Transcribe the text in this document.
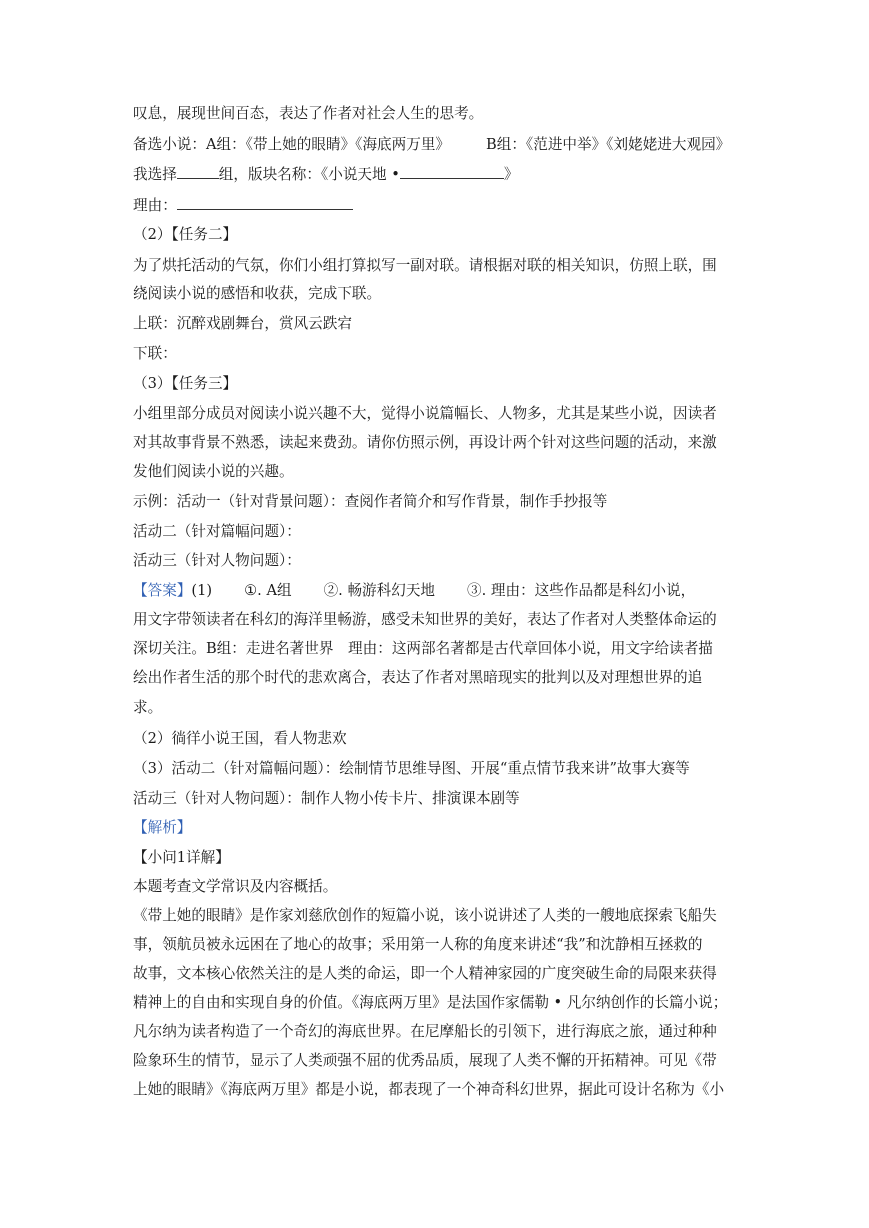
叹息，展现世间百态，表达了作者对社会人生的思考。
备选小说：A组：《带上她的眼睛》《海底两万里》 B组：《范进中举》《刘姥姥进大观园》
我选择	组，版块名称：《小说天地 •	》
理由：
（2）【任务二】
为了烘托活动的气氛，你们小组打算拟写一副对联。请根据对联的相关知识，仿照上联，围
绕阅读小说的感悟和收获，完成下联。
上联：沉醉戏剧舞台，赏风云跌宕
下联：
（3）【任务三】
小组里部分成员对阅读小说兴趣不大，觉得小说篇幅长、人物多，尤其是某些小说，因读者
对其故事背景不熟悉，读起来费劲。请你仿照示例，再设计两个针对这些问题的活动，来激
发他们阅读小说的兴趣。
示例：活动一（针对背景问题）：查阅作者简介和写作背景，制作手抄报等
活动二（针对篇幅问题）：
活动三（针对人物问题）：
【答案】(1) ①. A组 ②. 畅游科幻天地 ③. 理由：这些作品都是科幻小说，
用文字带领读者在科幻的海洋里畅游，感受未知世界的美好，表达了作者对人类整体命运的
深切关注。B组：走进名著世界　理由：这两部名著都是古代章回体小说，用文字给读者描
绘出作者生活的那个时代的悲欢离合，表达了作者对黑暗现实的批判以及对理想世界的追
求。
（2）徜徉小说王国，看人物悲欢
（3）活动二（针对篇幅问题）：绘制情节思维导图、开展“重点情节我来讲”故事大赛等
活动三（针对人物问题）：制作人物小传卡片、排演课本剧等
【解析】
【小问1详解】
本题考查文学常识及内容概括。
《带上她的眼睛》是作家刘慈欣创作的短篇小说，该小说讲述了人类的一艘地底探索飞船失
事，领航员被永远困在了地心的故事；采用第一人称的角度来讲述“我”和沈静相互拯救的
故事，文本核心依然关注的是人类的命运，即一个人精神家园的广度突破生命的局限来获得
精神上的自由和实现自身的价值。《海底两万里》是法国作家儒勒 • 凡尔纳创作的长篇小说；
凡尔纳为读者构造了一个奇幻的海底世界。在尼摩船长的引领下，进行海底之旅，通过种种
险象环生的情节，显示了人类顽强不屈的优秀品质，展现了人类不懈的开拓精神。可见《带
上她的眼睛》《海底两万里》都是小说，都表现了一个神奇科幻世界，据此可设计名称为《小
